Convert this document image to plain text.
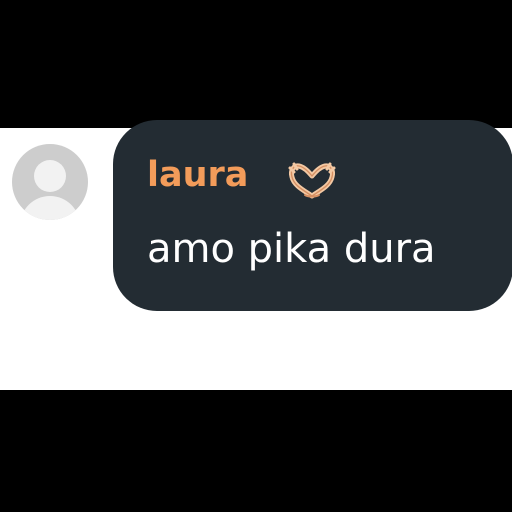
laura
amo pika dura
